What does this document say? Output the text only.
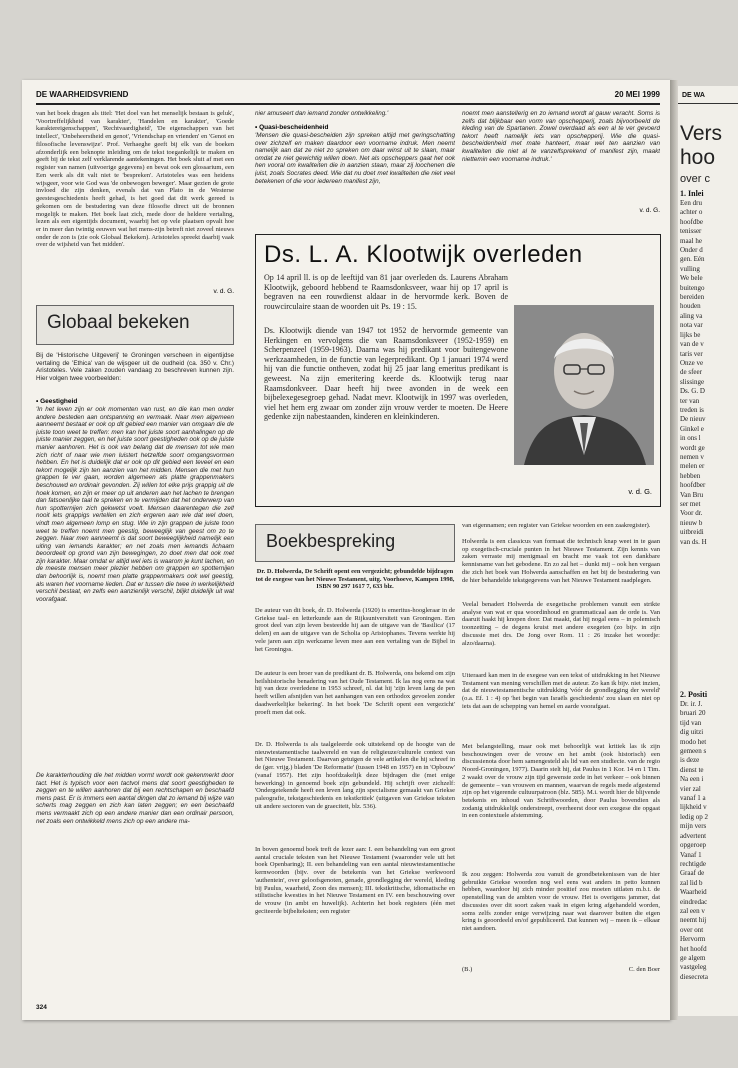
DE WA
Vers
hoo
over c
1. Inlei
Een dru
achter o
hoofdbe
tenisser
maal he
Onder d
gen. Eén
vulling
We bele
buitengo
bereiden
houden
aling va
nota var
lijks be
van de v
taris ver
Onze ve
de sfeer
slissinge
Ds. G. D
ter van
treden is
De nieuv
Ginkel e
in ons l
wordt ge
nemen v
melen er
hebben
hoofdber
Van Bru
ser met
Voor dr.
nieuw b
uitbreidi
van ds. H
2. Positi
Dr. ir. J.
bruari 20
tijd van
dig uitzi
modo het
gemeen s
is deze
dienst te
Na een i
vier zal
vanaf 1 a
lijkheid v
ledig op 2
mijn vers
advertent
opgeroep
Vanaf 1
rechtigde
Graaf de
zal lid b
Waarheid
eindredac
zal een v
neemt hij
over ont
Hervorm
het hoofd
ge algem
vastgeleg
diesecreta
DE WAARHEIDSVRIEND	20 MEI 1999
van het boek dragen als titel: 'Het doel van het menselijk bestaan is geluk', 'Voortreffelijkheid van karakter', 'Handelen en karakter', 'Goede karaktereigenschappen', 'Rechtvaardigheid', 'De eigenschappen van het intellect', 'Onbeheerstheid en genot', 'Vriendschap en vrienden' en 'Genot en filosofische levenswijze'. Prof. Verhaeghe geeft bij elk van de boeken afzonderlijk een beknopte inleiding om de tekst toegankelijk te maken en geeft bij de tekst zelf verklarende aantekeningen. Het boek sluit af met een register van namen (uitvoerige gegevens) en bevat ook een glossarium, een
Een werk als dit valt niet te 'bespreken'. Aristoteles was een heidens wijsgeer, voor wie God was 'de onbewogen beweger'. Maar gezien de grote invloed die zijn denken, evenals dat van Plato in de Westerse geestesgeschiedenis heeft gehad, is het goed dat dit werk gereed is gekomen om de bestudering van deze filosofie direct uit de bronnen mogelijk te maken. Het boek laat zich, mede door de heldere vertaling, lezen als een eigentijds document, waarbij het op vele plaatsen opvalt hoe er in meer dan twintig eeuwen wat het mens-zijn betreft niet zoveel nieuws onder de zon is (zie ook Globaal Bekeken). Aristoteles spreekt daarbij vaak over de wijsheid van 'het midden'.
v. d. G.
Globaal bekeken
Bij de 'Historische Uitgeverij' te Groningen verscheen in eigentijdse vertaling de 'Ethica' van de wijsgeer uit de oudheid (ca. 350 v. Chr.) Aristoteles. Vele zaken zouden vandaag zo beschreven kunnen zijn. Hier volgen twee voorbeelden:
• Geestigheid
'In het leven zijn er ook momenten van rust, en die kan men onder andere besteden aan ontspanning en vermaak. Naar men algemeen aanneemt bestaat er ook op dit gebied een manier van omgaan die de juiste toon weet te treffen: men kan het juiste soort aanhalingen op de juiste manier zeggen, en het juiste soort geestigheden ook op de juiste manier aanhoren. Het is ook van belang dat de mensen tot wie men zich richt of naar wie men luistert hetzelfde soort omgangsvormen hebben. En het is duidelijk dat er ook op dit gebied een teveel en een tekort mogelijk zijn ten aanzien van het midden. Mensen die met hun grappen te ver gaan, worden algemeen als platte grappenmakers beschouwd en ordinair gevonden. Zij willen tot elke prijs grappig uit de hoek komen, en zijn er meer op uit anderen aan het lachen te brengen dan fatsoenlijke taal te spreken en te vermijden dat het onderwerp van hun spotternijen zich gekwetst voelt. Mensen daarentegen die zelf nooit iets grappigs vertellen en zich ergeren aan wie dat wel doen, vindt men algemeen lomp en stug. Wie in zijn grappen de juiste toon weet te treffen noemt men geestig, beweeglijk van geest om zo te zeggen. Naar men aanneemt is dat soort beweeglijkheid namelijk een uiting van iemands karakter; en net zoals men iemands lichaam beoordeelt op grond van zijn bewegingen, zo doet men dat ook met zijn karakter. Maar omdat er altijd wel iets is waarom je kunt lachen, en de meeste mensen meer plezier hebben om grappen en spotternijen dan behoorlijk is, noemt men platte grappenmakers ook wel geestig, als waren het voorname lieden. Dat er tussen die twee in werkelijkheid verschil bestaat, en zelfs een aanzienlijk verschil, blijkt duidelijk uit wat voorafgaat.
De karakterhouding die het midden vormt wordt ook gekenmerkt door tact. Het is typisch voor een tactvol mens dat soort geestigheden te zeggen en te willen aanhoren dat bij een rechtschapen en beschaafd mens past. Er is immers een aantal dingen dat zo iemand bij wijze van scherts mag zeggen en zich kan laten zeggen; en een beschaafd mens vermaakt zich op een andere manier dan een ordinair persoon, net zoals een ontwikkeld mens zich op een andere ma-
nier amuseert dan iemand zonder ontwikkeling.'
• Quasi-bescheidenheid
'Mensen die quasi-bescheiden zijn spreken altijd met geringschatting over zichzelf en maken daardoor een voorname indruk. Men neemt namelijk aan dat ze niet zo spreken om daar winst uit te slaan, maar omdat ze niet gewichtig willen doen. Net als opscheppers gaat het ook hen vooral om kwaliteiten die in aanzien staan, maar zij loochenen die juist, zoals Socrates deed. Wie dat nu doet met kwaliteiten die niet veel betekenen of die voor iedereen manifest zijn,
noemt men aanstellerig en zo iemand wordt al gauw veracht. Soms is zelfs dat blijkbaar een vorm van opschepperij, zoals bijvoorbeeld de kleding van de Spartanen. Zowel overdaad als een al te ver gevoerd tekort heeft namelijk iets van opschepperij. Wie die quasi-bescheidenheid met mate hanteert, maar wel ten aanzien van kwaliteiten die niet al te vanzelfsprekend of manifest zijn, maakt niettemin een voorname indruk.'
v. d. G.
Ds. L. A. Klootwijk overleden
Op 14 april ll. is op de leeftijd van 81 jaar overleden ds. Laurens Abraham Klootwijk, geboord hebbend te Raamsdonksveer, waar hij op 17 april is begraven na een rouwdienst aldaar in de hervormde kerk. Boven de rouwcirculaire staan de woorden uit Ps. 19 : 15.
Ds. Klootwijk diende van 1947 tot 1952 de hervormde gemeente van Herkingen en vervolgens die van Raamsdonksveer (1952-1959) en Scherpenzeel (1959-1963). Daarna was hij predikant voor buitengewone werkzaamheden, in de functie van legerpredikant. Op 1 januari 1974 werd hij van die functie ontheven, zodat hij 25 jaar lang emeritus predikant is geweest. Na zijn emeritering keerde ds. Klootwijk terug naar Raamsdonkveer. Daar heeft hij twee avonden in de week een bijbelexegesegroep gehad. Nadat mevr. Klootwijk in 1997 was overleden, viel het hem erg zwaar om zonder zijn vrouw verder te moeten. De Heere gedenke zijn nabestaanden, kinderen en kleinkinderen.
v. d. G.
Boekbespreking
Dr. D. Holwerda, De Schrift opent een vergezicht; gebundelde bijdragen tot de exegese van het Nieuwe Testament, uitg. Voorhoeve, Kampen 1998, ISBN 90 297 1617 7, 633 blz.
De auteur van dit boek, dr. D. Holwerda (1920) is emeritus-hoogleraar in de Griekse taal- en letterkunde aan de Rijksuniversiteit van Groningen. Een groot deel van zijn leven besteedde hij aan de uitgave van de 'Basilica' (17 delen) en aan de uitgave van de Scholia op Aristophanes. Tevens werkte hij vele jaren aan zijn werkzame leven mee aan een vertaling van de Bijbel in het Groningss.
De auteur is een broer van de predikant dr. B. Holwerda, ons bekend om zijn heilshistorische benadering van het Oude Testament. Ik las nog eens na wat hij van deze overledene in 1953 schreef, nl. dat hij 'zijn leven lang de pen heeft willen afsnijden van het aanhangen van een orthodox gevoelen zonder daadwerkelijke bekering'. In het boek 'De Schrift opent een vergezicht' proeft men dat ook.
Dr. D. Holwerda is als taalgeleerde ook uitstekend op de hoogte van de nieuwtestamentische taalwereld en van de religieuze/culturele context van het Nieuwe Testament. Daarvan getuigen de vele artikelen die hij schreef in de (ger. vrijg.) bladen 'De Reformatie' (tussen 1948 en 1957) en in 'Opbouw' (vanaf 1957). Het zijn hoofdzakelijk deze bijdragen die (met enige bewerking) in genoemd boek zijn gebundeld. Hij schrijft over zichzelf: 'Ondergetekende heeft een leven lang zijn specialisme gemaakt van Griekse paleografie, tekstgeschiedenis en tekstkritiek' (uitgaven van Griekse teksten uit andere sectoren van de graeciteit, blz. 536).
In boven genoemd boek treft de lezer aan: I. een behandeling van een groot aantal cruciale teksten van het Nieuwe Testament (waaronder vele uit het boek Openbaring); II. een behandeling van een aantal nieuwtestamentische kernwoorden (bijv. over de betekenis van het Griekse werkwoord 'authentein', over geloofsgenoten, genade, grondlegging der wereld, kleding bij Paulus, waarheid, Zoon des mensen); III. tekstkritische, idiomatische en stilistische kwesties in het Nieuwe Testament en IV. een beschouwing over de vrouw (in ambt en huwelijk). Achterin het boek registers (één met geciteerde bijbelteksten; een register
van eigennamen; een register van Griekse woorden en een zaakregister).
Holwerda is een classicus van formaat die technisch knap weet in te gaan op exegetisch-cruciale punten in het Nieuwe Testament. Zijn kennis van zaken verraste mij menigmaal en bracht me vaak tot een dankbare kennisname van het gebodene. En zo zal het – dunki mij – ook hen vergaan die zich het boek van Holwerda aanschaffen en het bij de bestudering van de hier behandelde tekstgegevens van het Nieuwe Testament raadplegen.
Veelal benadert Holwerda de exegetische problemen vanuit een strikte analyse van wat er qua woordinhoud en grammaticaal aan de orde is. Van daaruit haakt hij knopen door. Dat maakt, dat hij nogal eens – in polemisch toonzetting – de degens kruist met andere exegeten (zo bijv. in zijn discussie met drs. De Jong over Rom. 11 : 26 inzake het woordje: alzo/daarna).
Uiteraard kan men in de exegese van een tekst of uitdrukking in het Nieuwe Testament van mening verschillen met de auteur. Zo kan ik bijv. niet inzien, dat de nieuwtestamentische uitdrukking 'vóór de grondlegging der wereld' (o.a. Ef. 1 : 4) op 'het begin van Israëls geschiedenis' zou slaan en niet op iets dat aan de schepping van hemel en aarde voorafgaat.
Met belangstelling, maar ook met behoorlijk wat kritiek las ik zijn beschouwingen over de vrouw en het ambt (ook historisch) een discussienota door hem samengesteld als lid van een studiecie. van de regio Noord-Groningen, 1977). Daarin stelt hij, dat Paulus in 1 Kor. 14 en 1 Tim. 2 waakt over de vrouw zijn tijd gewenste zede in het verkeer – ook binnen de gemeente – van vrouwen en mannen, waarvan de regels mede afgestemd zijn op het vigerende cultuurpatroon (blz. 585). M.i. wordt hier de blijvende betekenis en inhoud van Schriftwoorden, door Paulus bovendien als zodanig uitdrukkelijk onderstreept, overheerst door een exegese die opgaat in een contextuele afstemming.
Ik zou zeggen: Holwerda zou vanuit de grondbetekenissen van de hier gebruikte Griekse woorden nog wel eens wat anders in petto kunnen hebben, waardoor hij zich minder positief zou moeten uitlaten m.b.t. de openstelling van de ambten voor de vrouw. Het is overigens jammer, dat discussies over dit soort zaken vaak in eigen kring afgehandeld worden, soms zelfs zonder enige verwijzing naar wat daarover buiten die eigen kring is geoordeeld en/of gepubliceerd. Dat kunnen wij – meen ik – elkaar niet aandoen.
(B.)	C. den Boer
324
